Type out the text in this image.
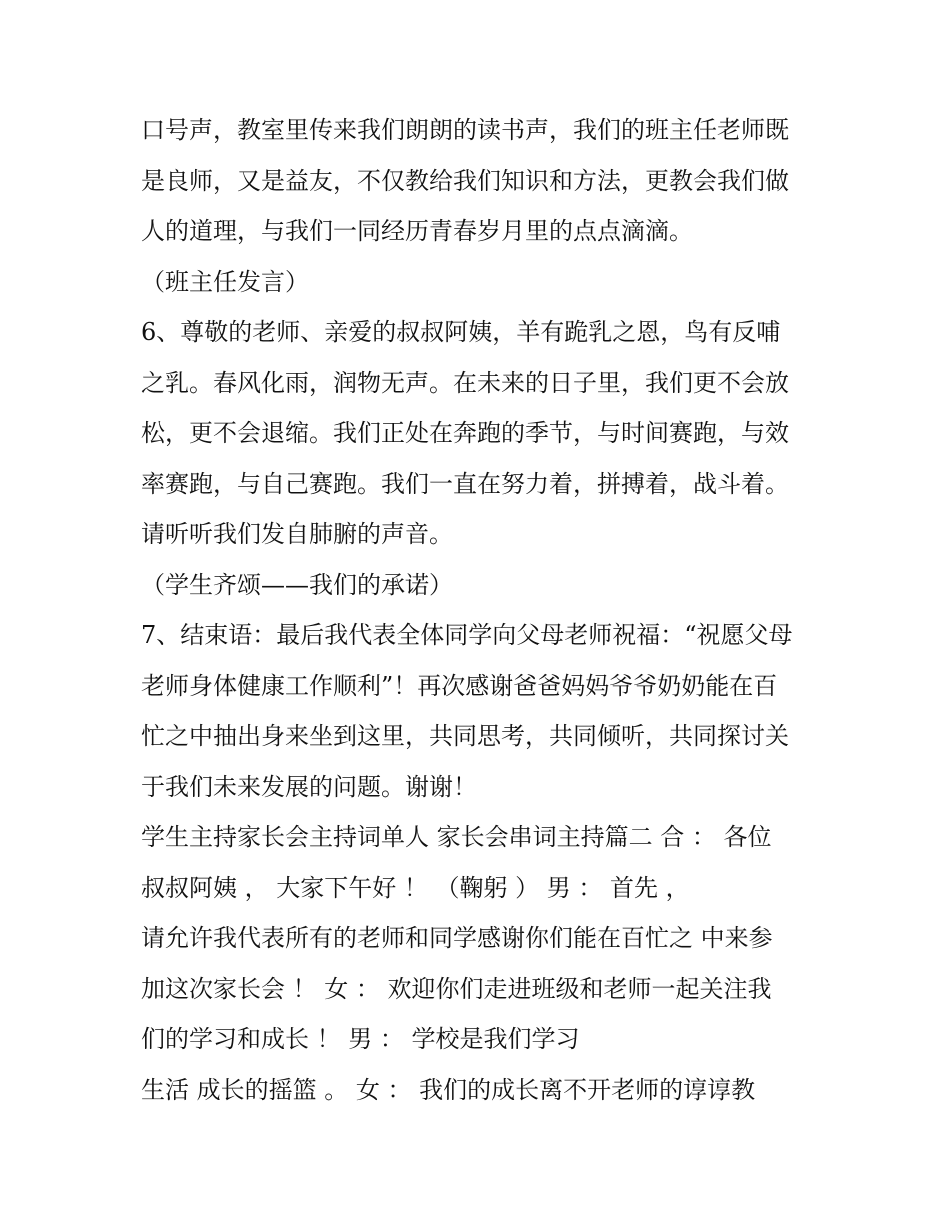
口号声，教室里传来我们朗朗的读书声，我们的班主任老师既

是良师，又是益友，不仅教给我们知识和方法，更教会我们做

人的道理，与我们一同经历青春岁月里的点点滴滴。

（班主任发言）

6、尊敬的老师、亲爱的叔叔阿姨，羊有跪乳之恩，鸟有反哺

之乳。春风化雨，润物无声。在未来的日子里，我们更不会放

松，更不会退缩。我们正处在奔跑的季节，与时间赛跑，与效

率赛跑，与自己赛跑。我们一直在努力着，拼搏着，战斗着。

请听听我们发自肺腑的声音。

（学生齐颂——我们的承诺）

7、结束语：最后我代表全体同学向父母老师祝福：“祝愿父母

老师身体健康工作顺利”！再次感谢爸爸妈妈爷爷奶奶能在百

忙之中抽出身来坐到这里，共同思考，共同倾听，共同探讨关

于我们未来发展的问题。谢谢！

学生主持家长会主持词单人 家长会串词主持篇二 合 ： 各位

叔叔阿姨 ， 大家下午好 ！ （鞠躬 ） 男 ： 首先 ，

请允许我代表所有的老师和同学感谢你们能在百忙之 中来参

加这次家长会 ！ 女 ： 欢迎你们走进班级和老师一起关注我

们的学习和成长 ！ 男 ： 学校是我们学习

生活 成长的摇篮 。 女 ： 我们的成长离不开老师的谆谆教
